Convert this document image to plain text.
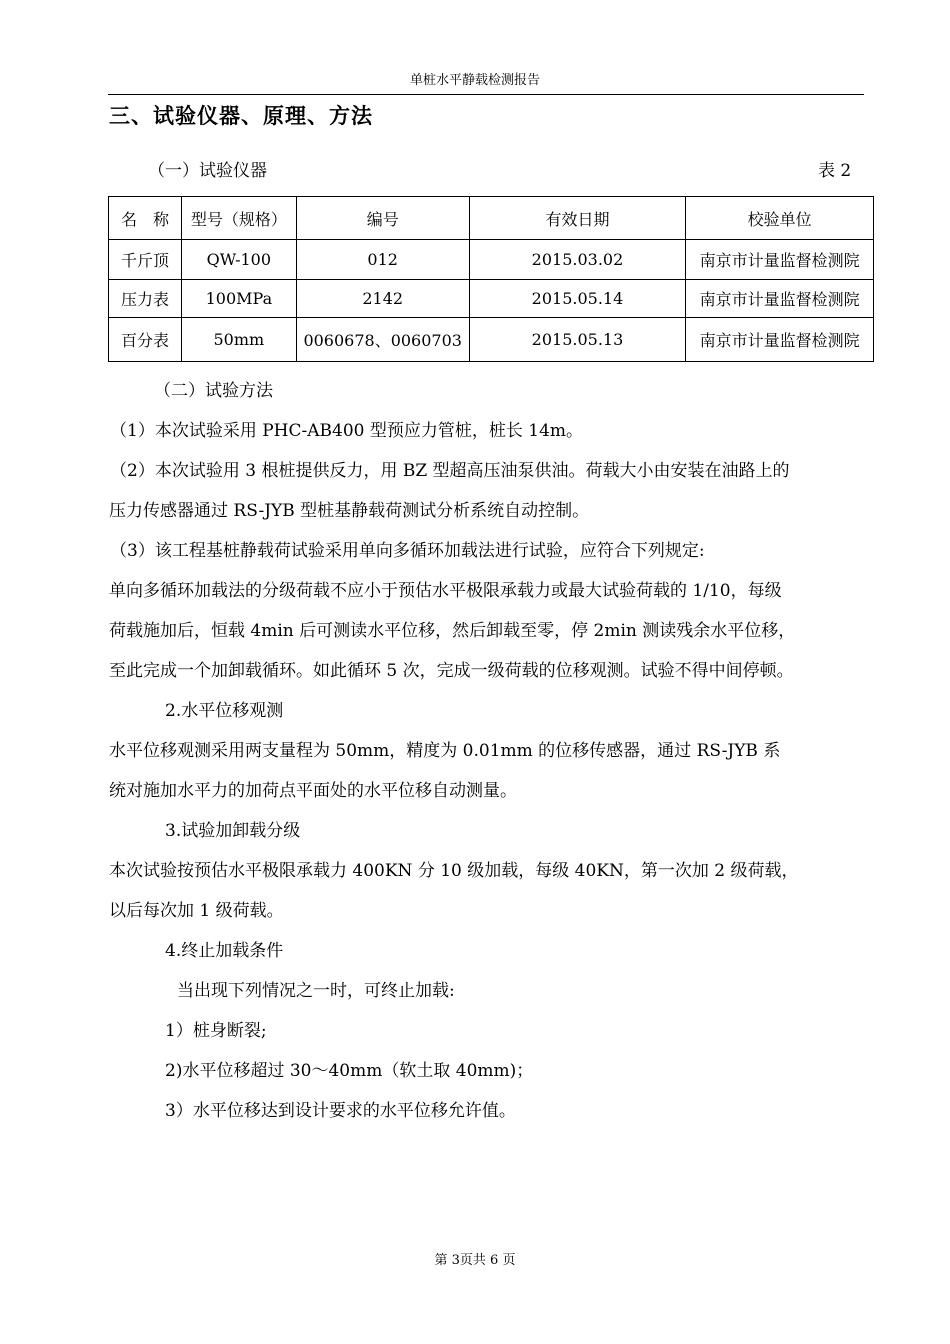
单桩水平静载检测报告
三、试验仪器、原理、方法
（一）试验仪器	表 2
名　称	型号（规格）	编号	有效日期	校验单位
千斤顶	QW-100	012	2015.03.02	南京市计量监督检测院
压力表	100MPa	2142	2015.05.14	南京市计量监督检测院
百分表	50mm	0060678、0060703	2015.05.13	南京市计量监督检测院
（二）试验方法
（1）本次试验采用 PHC-AB400 型预应力管桩，桩长 14m。
（2）本次试验用 3 根桩提供反力，用 BZ 型超高压油泵供油。荷载大小由安装在油路上的
压力传感器通过 RS-JYB 型桩基静载荷测试分析系统自动控制。
（3）该工程基桩静载荷试验采用单向多循环加载法进行试验，应符合下列规定:
单向多循环加载法的分级荷载不应小于预估水平极限承载力或最大试验荷载的 1/10，每级
荷载施加后，恒载 4min 后可测读水平位移，然后卸载至零，停 2min 测读残余水平位移，
至此完成一个加卸载循环。如此循环 5 次，完成一级荷载的位移观测。试验不得中间停顿。
2.水平位移观测
水平位移观测采用两支量程为 50mm，精度为 0.01mm 的位移传感器，通过 RS-JYB 系
统对施加水平力的加荷点平面处的水平位移自动测量。
3.试验加卸载分级
本次试验按预估水平极限承载力 400KN 分 10 级加载，每级 40KN，第一次加 2 级荷载，
以后每次加 1 级荷载。
4.终止加载条件
当出现下列情况之一时，可终止加载:
1）桩身断裂;
2)水平位移超过 30～40mm（软土取 40mm)；
3）水平位移达到设计要求的水平位移允许值。
第 3页共 6 页
